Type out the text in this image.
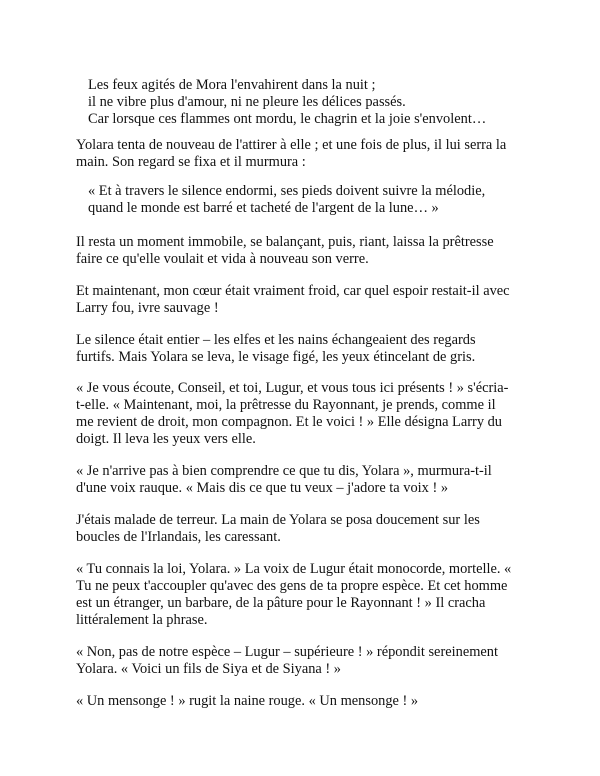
Les feux agités de Mora l'envahirent dans la nuit ;
il ne vibre plus d'amour, ni ne pleure les délices passés.
Car lorsque ces flammes ont mordu, le chagrin et la joie s'envolent…
Yolara tenta de nouveau de l'attirer à elle ; et une fois de plus, il lui serra la
main. Son regard se fixa et il murmura :
« Et à travers le silence endormi, ses pieds doivent suivre la mélodie,
quand le monde est barré et tacheté de l'argent de la lune… »
Il resta un moment immobile, se balançant, puis, riant, laissa la prêtresse
faire ce qu'elle voulait et vida à nouveau son verre.
Et maintenant, mon cœur était vraiment froid, car quel espoir restait-il avec
Larry fou, ivre sauvage !
Le silence était entier – les elfes et les nains échangeaient des regards
furtifs. Mais Yolara se leva, le visage figé, les yeux étincelant de gris.
« Je vous écoute, Conseil, et toi, Lugur, et vous tous ici présents ! » s'écria-
t-elle. « Maintenant, moi, la prêtresse du Rayonnant, je prends, comme il
me revient de droit, mon compagnon. Et le voici ! » Elle désigna Larry du
doigt. Il leva les yeux vers elle.
« Je n'arrive pas à bien comprendre ce que tu dis, Yolara », murmura-t-il
d'une voix rauque. « Mais dis ce que tu veux – j'adore ta voix ! »
J'étais malade de terreur. La main de Yolara se posa doucement sur les
boucles de l'Irlandais, les caressant.
« Tu connais la loi, Yolara. » La voix de Lugur était monocorde, mortelle. «
Tu ne peux t'accoupler qu'avec des gens de ta propre espèce. Et cet homme
est un étranger, un barbare, de la pâture pour le Rayonnant ! » Il cracha
littéralement la phrase.
« Non, pas de notre espèce – Lugur – supérieure ! » répondit sereinement
Yolara. « Voici un fils de Siya et de Siyana ! »
« Un mensonge ! » rugit la naine rouge. « Un mensonge ! »
